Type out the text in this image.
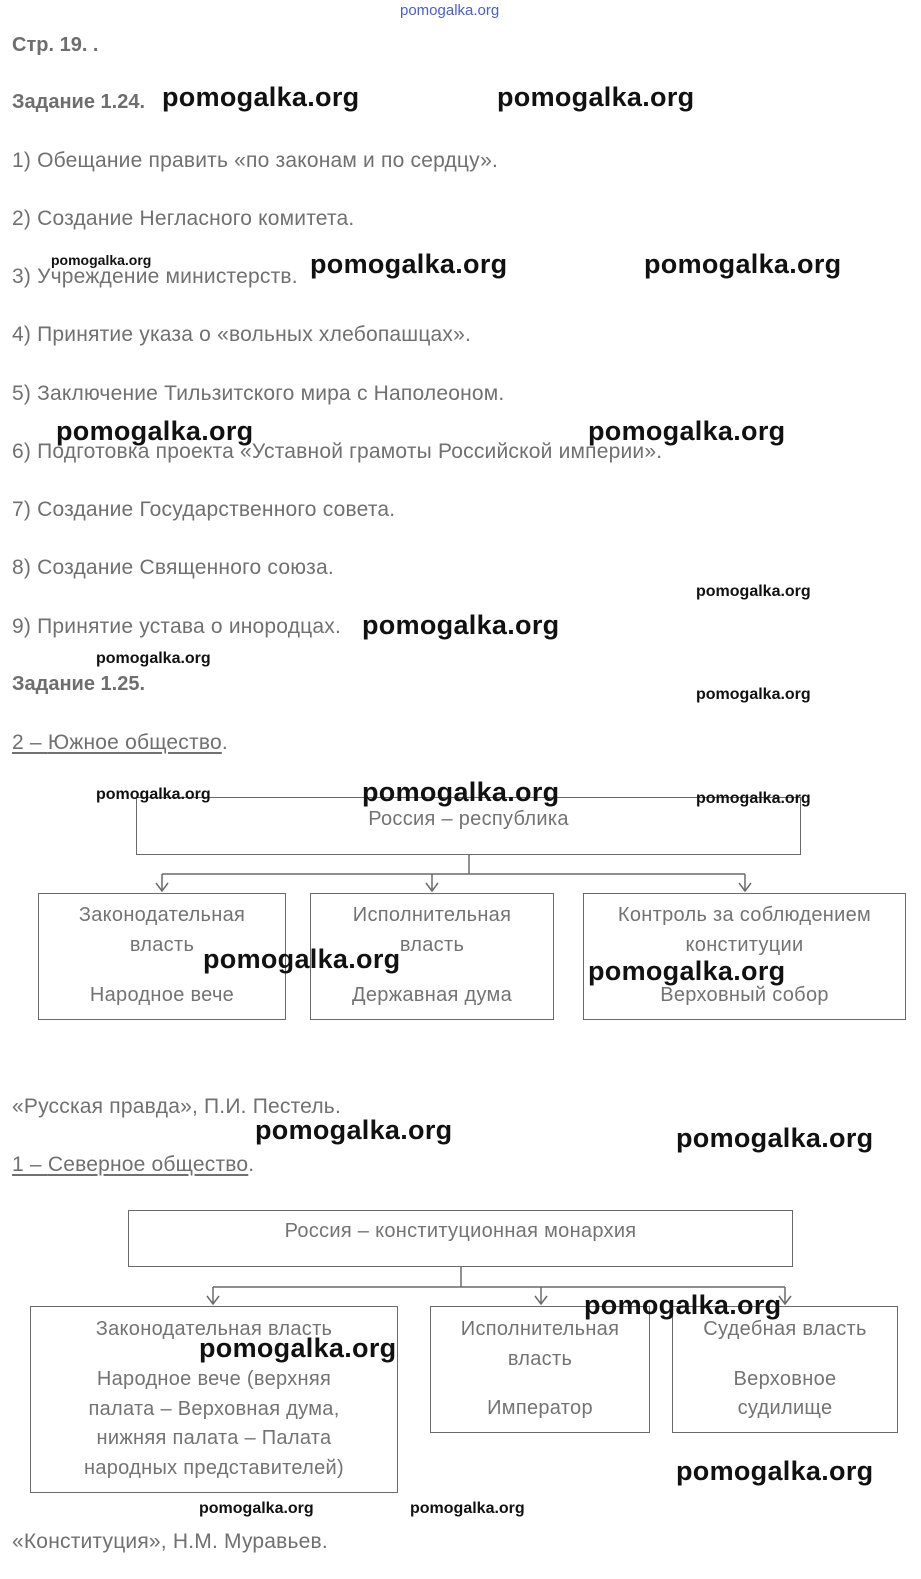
pomogalka.org
Стр. 19. .
Задание 1.24.
1) Обещание править «по законам и по сердцу».
2) Создание Негласного комитета.
3) Учреждение министерств.
4) Принятие указа о «вольных хлебопашцах».
5) Заключение Тильзитского мира с Наполеоном.
6) Подготовка проекта «Уставной грамоты Российской империи».
7) Создание Государственного совета.
8) Создание Священного союза.
9) Принятие устава о инородцах.
Задание 1.25.
2 – Южное общество.
Россия – республика
Законодательная
власть
Народное вече
Исполнительная
власть
Державная дума
Контроль за соблюдением
конституции
Верховный собор
«Русская правда», П.И. Пестель.
1 – Северное общество.
Россия – конституционная монархия
Законодательная власть
Народное вече (верхняя
палата – Верховная дума,
нижняя палата – Палата
народных представителей)
Исполнительная
власть
Император
Судебная власть
Верховное
судилище
«Конституция», Н.М. Муравьев.
pomogalka.org	pomogalka.org
pomogalka.org	pomogalka.org	pomogalka.org
pomogalka.org	pomogalka.org
pomogalka.org
pomogalka.org
pomogalka.org
pomogalka.org
pomogalka.org	pomogalka.org	pomogalka.org
pomogalka.org	pomogalka.org
pomogalka.org	pomogalka.org
pomogalka.org
pomogalka.org
pomogalka.org
pomogalka.org	pomogalka.org
